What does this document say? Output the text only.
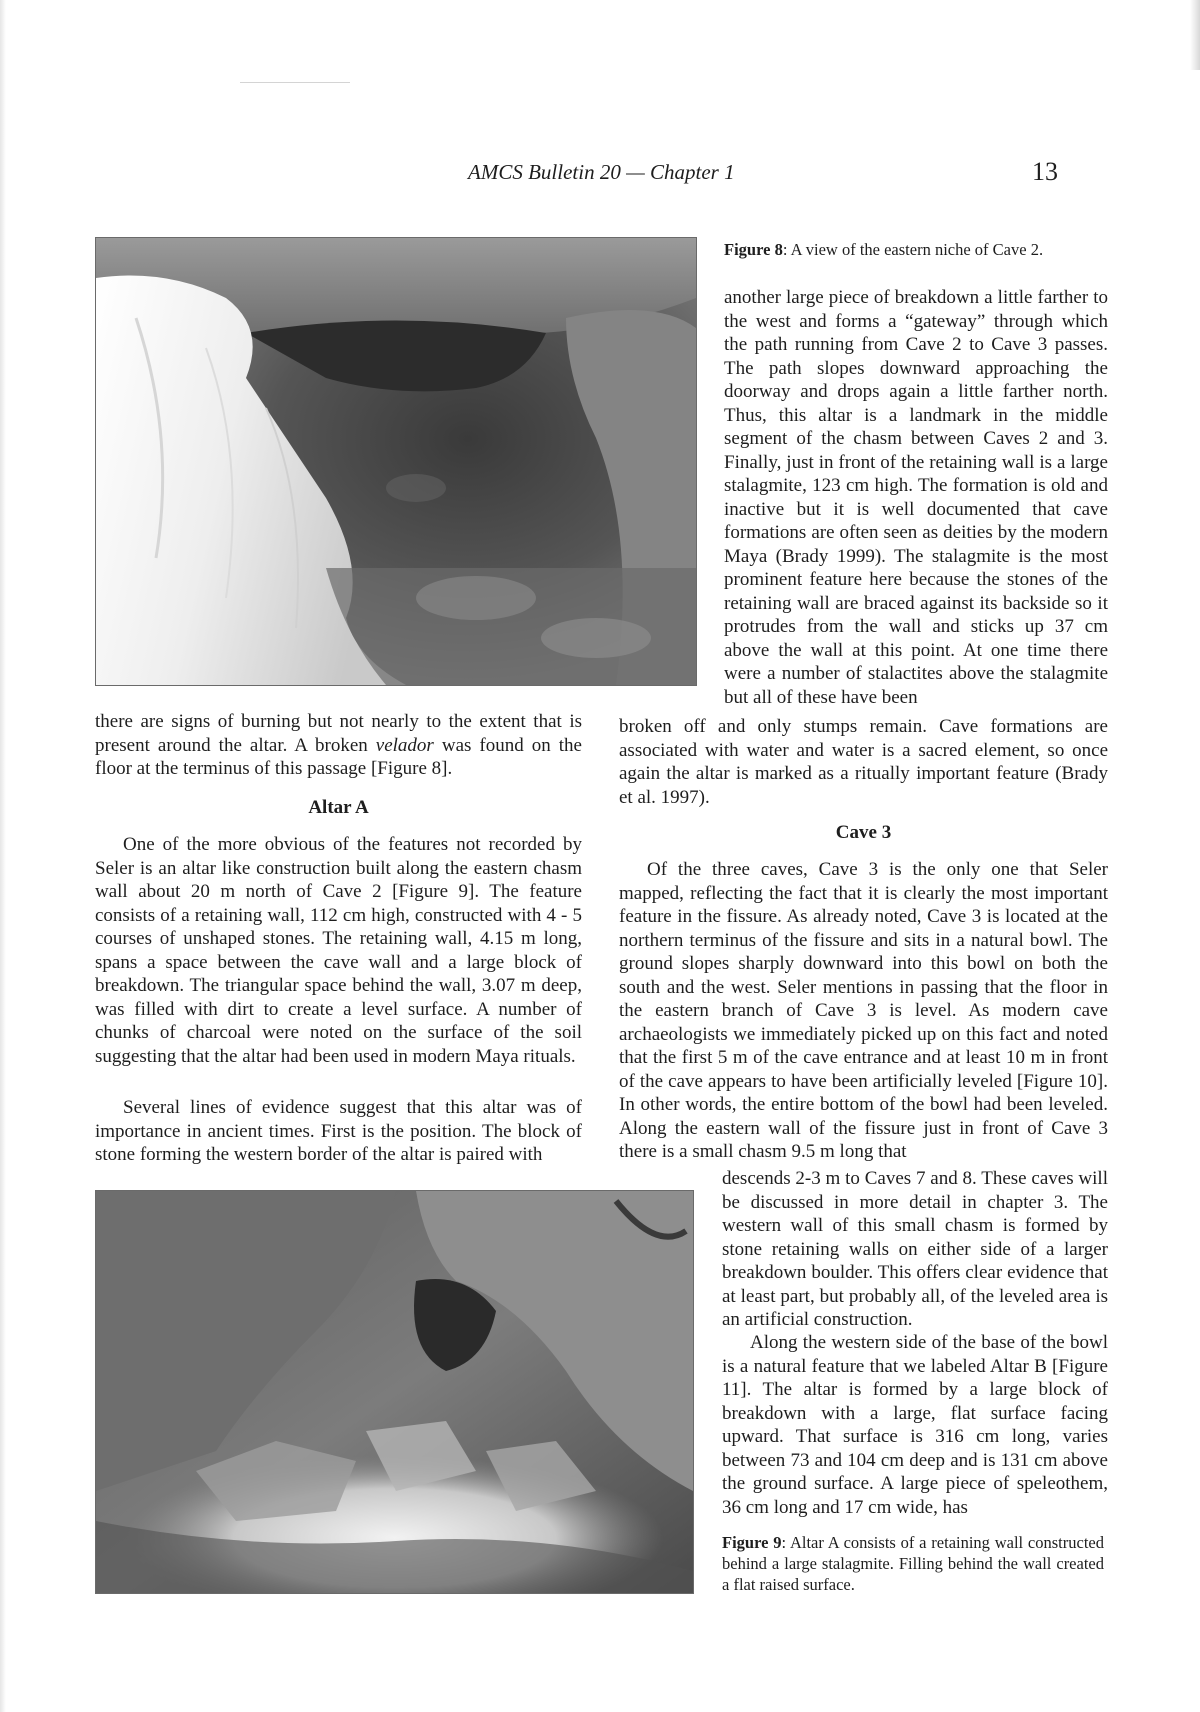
AMCS Bulletin 20 — Chapter 1	13
Figure 8: A view of the eastern niche of Cave 2.
another large piece of breakdown a little farther to the west and forms a “gateway” through which the path running from Cave 2 to Cave 3 passes. The path slopes downward approaching the doorway and drops again a little farther north. Thus, this altar is a landmark in the middle segment of the chasm between Caves 2 and 3. Finally, just in front of the retaining wall is a large stalagmite, 123 cm high. The formation is old and inactive but it is well documented that cave formations are often seen as deities by the modern Maya (Brady 1999). The stalagmite is the most prominent feature here because the stones of the retaining wall are braced against its backside so it protrudes from the wall and sticks up 37 cm above the wall at this point. At one time there were a number of stalactites above the stalagmite but all of these have been
broken off and only stumps remain. Cave formations are associated with water and water is a sacred element, so once again the altar is marked as a ritually important feature (Brady et al. 1997).
Cave 3
Of the three caves, Cave 3 is the only one that Seler mapped, reflecting the fact that it is clearly the most important feature in the fissure. As already noted, Cave 3 is located at the northern terminus of the fissure and sits in a natural bowl. The ground slopes sharply downward into this bowl on both the south and the west. Seler mentions in passing that the floor in the eastern branch of Cave 3 is level. As modern cave archaeologists we immediately picked up on this fact and noted that the first 5 m of the cave entrance and at least 10 m in front of the cave appears to have been artificially leveled [Figure 10]. In other words, the entire bottom of the bowl had been leveled. Along the eastern wall of the fissure just in front of Cave 3 there is a small chasm 9.5 m long that
descends 2-3 m to Caves 7 and 8. These caves will be discussed in more detail in chapter 3. The western wall of this small chasm is formed by stone retaining walls on either side of a larger breakdown boulder. This offers clear evidence that at least part, but probably all, of the leveled area is an artificial construction.
Along the western side of the base of the bowl is a natural feature that we labeled Altar B [Figure 11]. The altar is formed by a large block of breakdown with a large, flat surface facing upward. That surface is 316 cm long, varies between 73 and 104 cm deep and is 131 cm above the ground surface. A large piece of speleothem, 36 cm long and 17 cm wide, has
there are signs of burning but not nearly to the extent that is present around the altar. A broken velador was found on the floor at the terminus of this passage [Figure 8].
Altar A
One of the more obvious of the features not recorded by Seler is an altar like construction built along the eastern chasm wall about 20 m north of Cave 2 [Figure 9]. The feature consists of a retaining wall, 112 cm high, constructed with 4 - 5 courses of unshaped stones. The retaining wall, 4.15 m long, spans a space between the cave wall and a large block of breakdown. The triangular space behind the wall, 3.07 m deep, was filled with dirt to create a level surface. A number of chunks of charcoal were noted on the surface of the soil suggesting that the altar had been used in modern Maya rituals.
Several lines of evidence suggest that this altar was of importance in ancient times. First is the position. The block of stone forming the western border of the altar is paired with
Figure 9: Altar A consists of a retaining wall constructed behind a large stalagmite. Filling behind the wall created a flat raised surface.
